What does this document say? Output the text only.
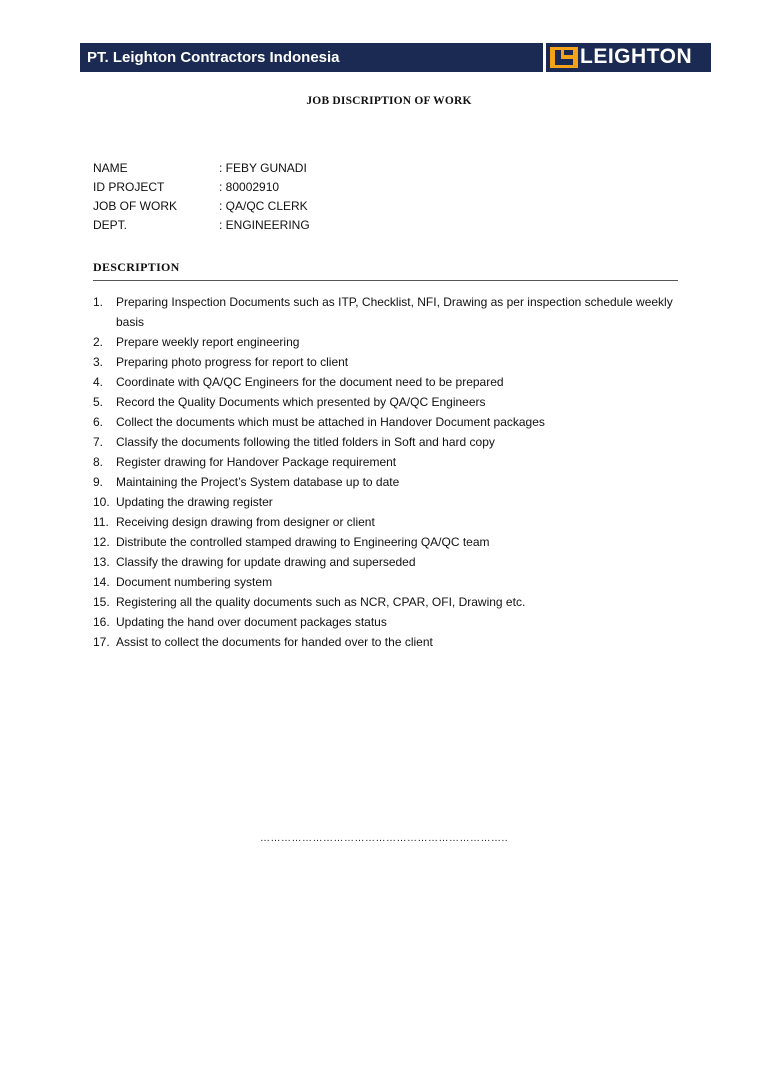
PT. Leighton Contractors Indonesia	LEIGHTON
JOB DISCRIPTION OF WORK
NAME	: FEBY GUNADI
ID PROJECT	: 80002910
JOB OF WORK	: QA/QC CLERK
DEPT.	: ENGINEERING
DESCRIPTION
1.	Preparing Inspection Documents such as ITP, Checklist, NFI, Drawing as per inspection schedule weekly basis
2.	Prepare weekly report engineering
3.	Preparing photo progress for report to client
4.	Coordinate with QA/QC Engineers for the document need to be prepared
5.	Record the Quality Documents which presented by QA/QC Engineers
6.	Collect the documents which must be attached in Handover Document packages
7.	Classify the documents following the titled folders in Soft and hard copy
8.	Register drawing for Handover Package requirement
9.	Maintaining the Project’s System database up to date
10. Updating the drawing register
11. Receiving design drawing from designer or client
12. Distribute the controlled stamped drawing to Engineering QA/QC team
13. Classify the drawing for update drawing and superseded
14. Document numbering system
15. Registering all the quality documents such as NCR, CPAR, OFI, Drawing etc.
16. Updating the hand over document packages status
17. Assist to collect the documents for handed over to the client
……………………………………………………………..
